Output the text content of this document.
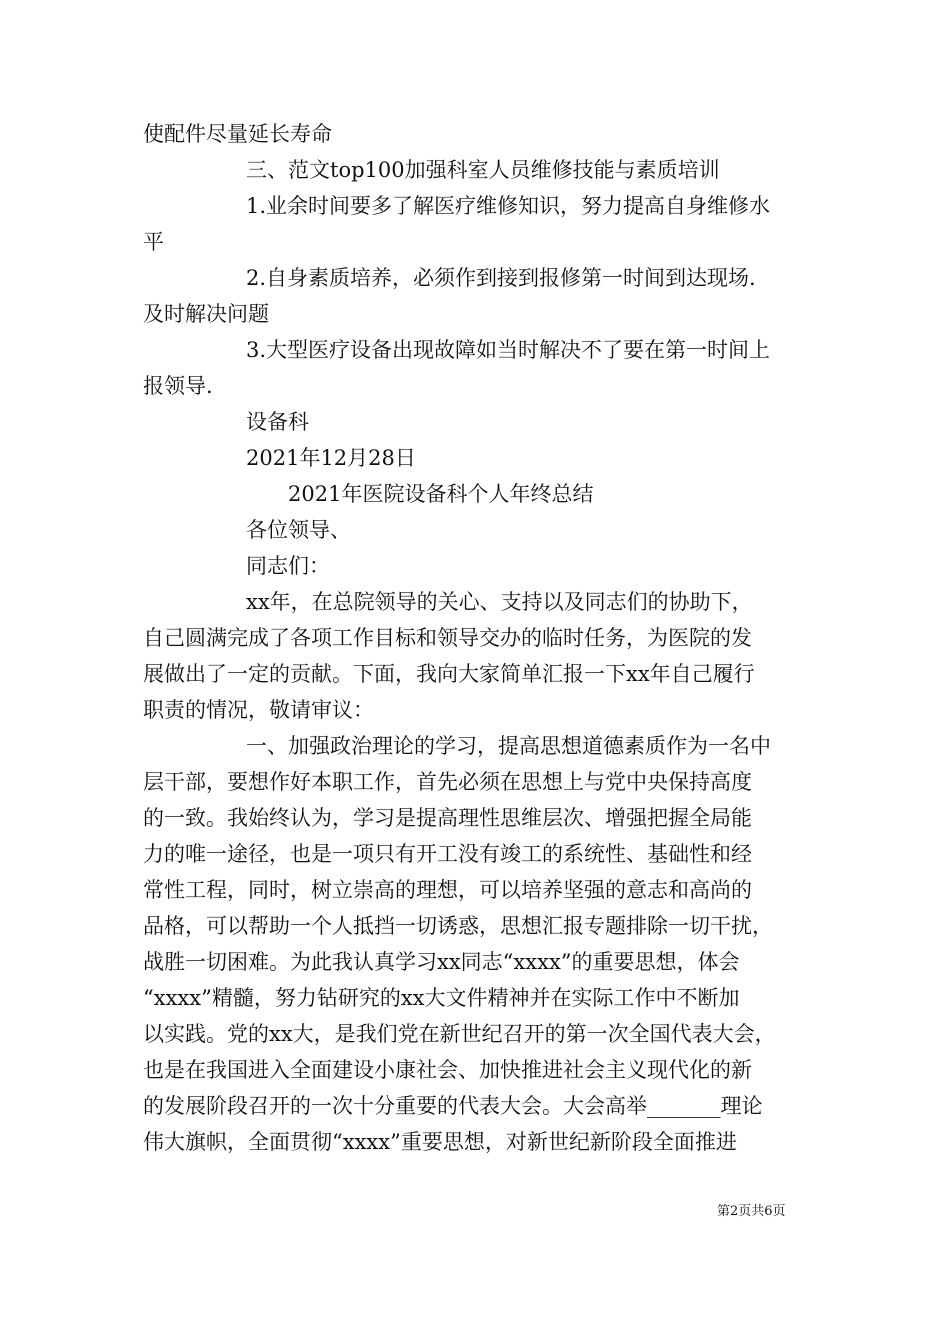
使配件尽量延长寿命
三、范文top100加强科室人员维修技能与素质培训
1.业余时间要多了解医疗维修知识，努力提高自身维修水
平
2.自身素质培养，必须作到接到报修第一时间到达现场.
及时解决问题
3.大型医疗设备出现故障如当时解决不了要在第一时间上
报领导.
设备科
2021年12月28日
2021年医院设备科个人年终总结
各位领导、
同志们：
xx年，在总院领导的关心、支持以及同志们的协助下，
自己圆满完成了各项工作目标和领导交办的临时任务，为医院的发
展做出了一定的贡献。下面，我向大家简单汇报一下xx年自己履行
职责的情况，敬请审议：
一、加强政治理论的学习，提高思想道德素质作为一名中
层干部，要想作好本职工作，首先必须在思想上与党中央保持高度
的一致。我始终认为，学习是提高理性思维层次、增强把握全局能
力的唯一途径，也是一项只有开工没有竣工的系统性、基础性和经
常性工程，同时，树立崇高的理想，可以培养坚强的意志和高尚的
品格，可以帮助一个人抵挡一切诱惑，思想汇报专题排除一切干扰，
战胜一切困难。为此我认真学习xx同志“xxxx”的重要思想，体会
“xxxx”精髓，努力钻研究的xx大文件精神并在实际工作中不断加
以实践。党的xx大，是我们党在新世纪召开的第一次全国代表大会，
也是在我国进入全面建设小康社会、加快推进社会主义现代化的新
的发展阶段召开的一次十分重要的代表大会。大会高举_______理论
伟大旗帜，全面贯彻“xxxx”重要思想，对新世纪新阶段全面推进
第2页共6页
